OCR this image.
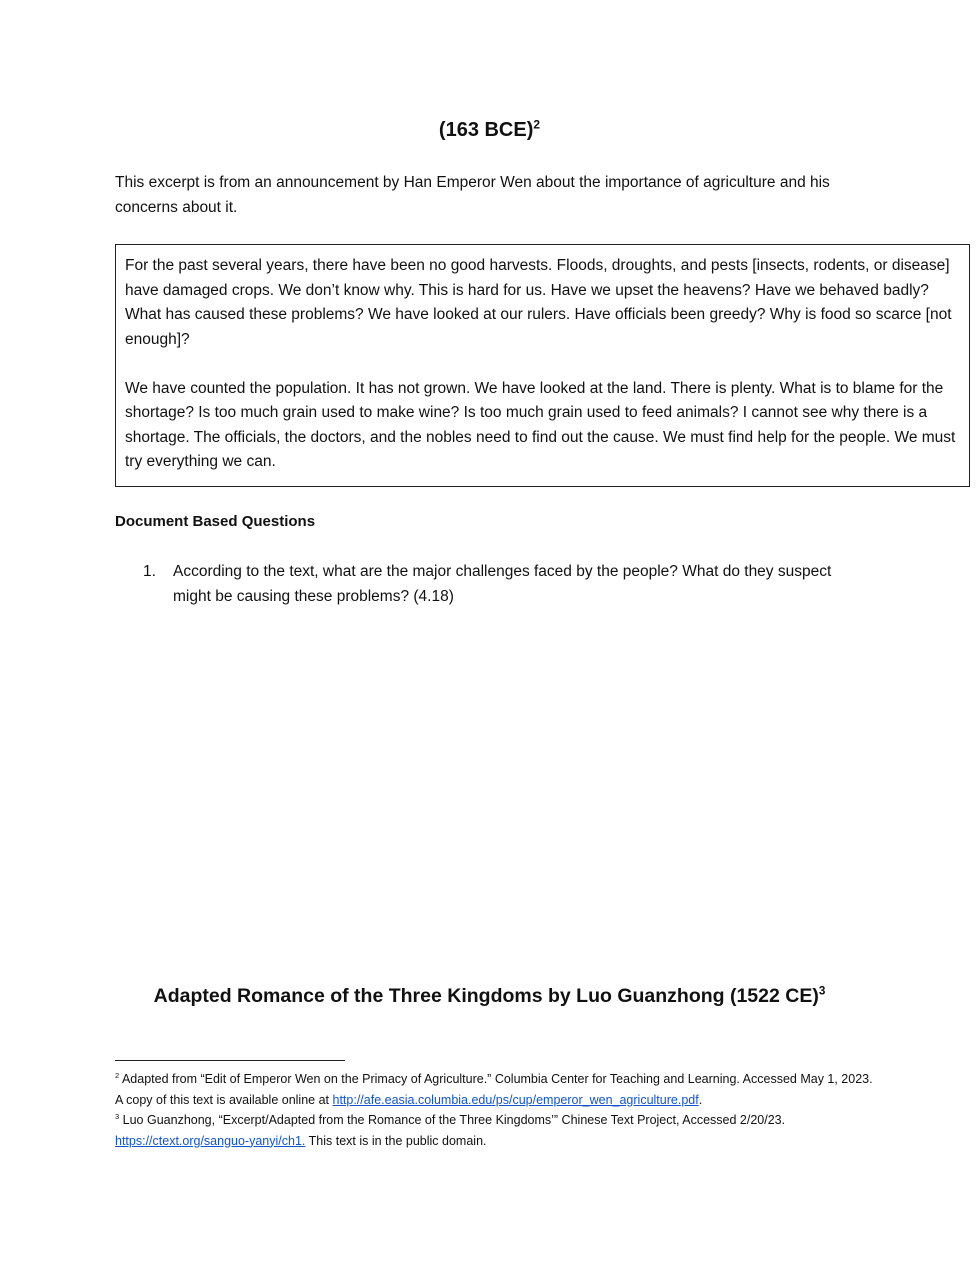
(163 BCE)$^2$

This excerpt is from an announcement by Han Emperor Wen about the importance of agriculture and his concerns about it.

For the past several years, there have been no good harvests. Floods, droughts, and pests [insects, rodents, or disease] have damaged crops. We don’t know why. This is hard for us. Have we upset the heavens? Have we behaved badly? What has caused these problems? We have looked at our rulers. Have officials been greedy? Why is food so scarce [not enough]?

We have counted the population. It has not grown. We have looked at the land. There is plenty. What is to blame for the shortage? Is too much grain used to make wine? Is too much grain used to feed animals? I cannot see why there is a shortage. The officials, the doctors, and the nobles need to find out the cause. We must find help for the people. We must try everything we can.

Document Based Questions
1.	According to the text, what are the major challenges faced by the people? What do they suspect might be causing these problems? (4.18)
Adapted Romance of the Three Kingdoms by Luo Guanzhong (1522 CE)$^3$

$^2$ Adapted from “Edit of Emperor Wen on the Primacy of Agriculture.” Columbia Center for Teaching and Learning. Accessed May 1, 2023. A copy of this text is available online at http://afe.easia.columbia.edu/ps/cup/emperor_wen_agriculture.pdf.

$^3$ Luo Guanzhong, “Excerpt/Adapted from the Romance of the Three Kingdoms’” Chinese Text Project, Accessed 2/20/23.
https://ctext.org/sanguo-yanyi/ch1. This text is in the public domain.
